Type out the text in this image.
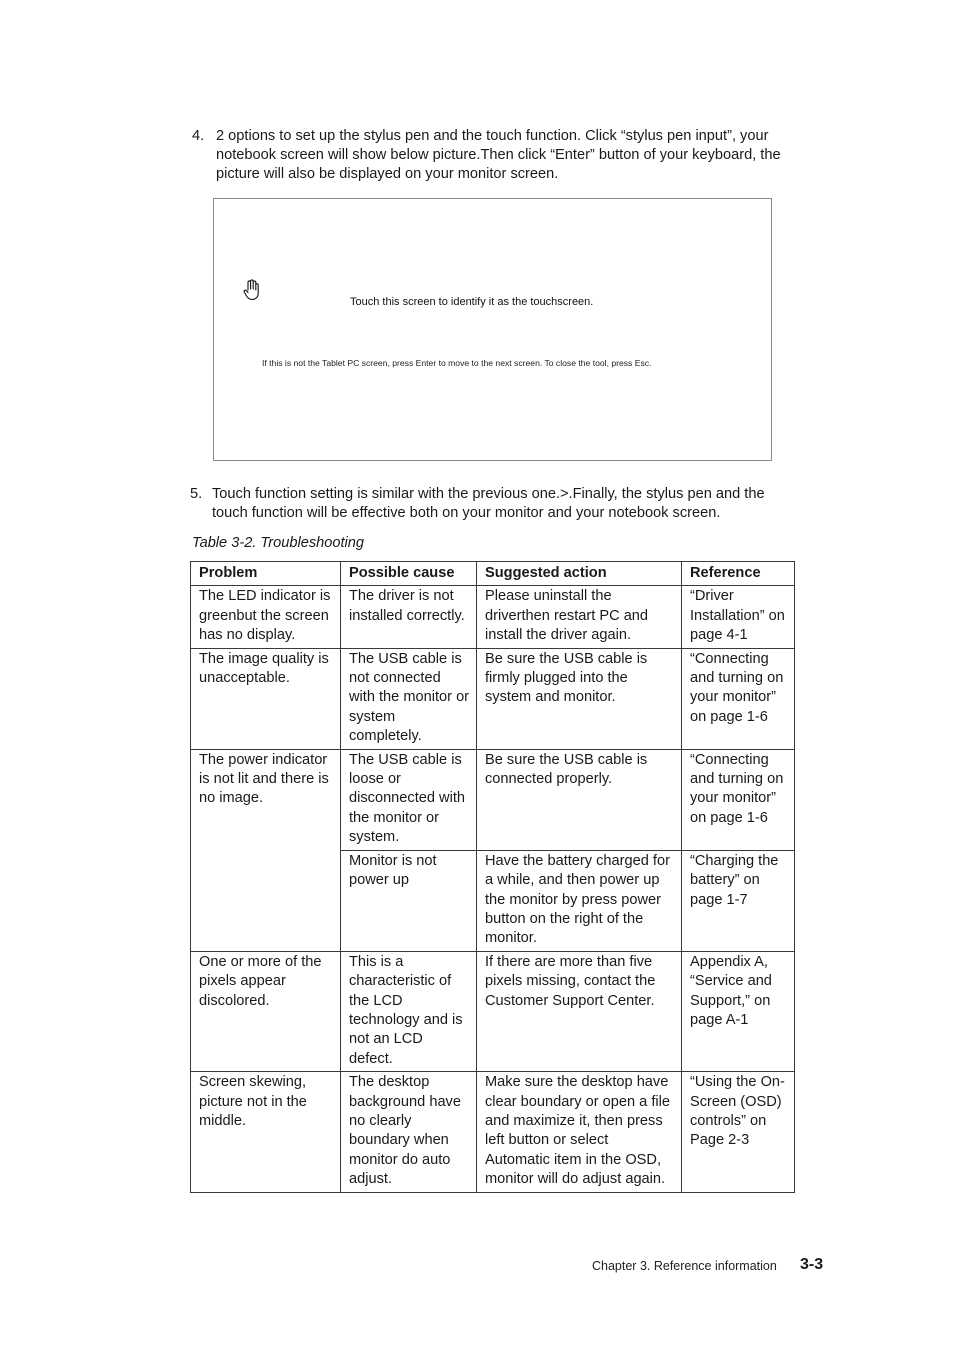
4. 2 options to set up the stylus pen and the touch function. Click “stylus pen input”, your notebook screen will show below picture.Then click “Enter” button of your keyboard, the picture will also be displayed on your monitor screen.
Touch this screen to identify it as the touchscreen.
If this is not the Tablet PC screen, press Enter to move to the next screen. To close the tool, press Esc.
5. Touch function setting is similar with the previous one.>.Finally, the stylus pen and the touch function will be effective both on your monitor and your notebook screen.
Table 3-2. Troubleshooting
Problem	Possible cause	Suggested action	Reference
The LED indicator is greenbut the screen has no display.	The driver is not installed correctly.	Please uninstall the driverthen restart PC and install the driver again.	“Driver Installation” on page 4-1
The image quality is unacceptable.	The USB cable is not connected with the monitor or system completely.	Be sure the USB cable is firmly plugged into the system and monitor.	“Connecting and turning on your monitor” on page 1-6
The power indicator is not lit and there is no image.	The USB cable is loose or disconnected with the monitor or system.	Be sure the USB cable is connected properly.	“Connecting and turning on your monitor” on page 1-6
	Monitor is not power up	Have the battery charged for a while, and then power up the monitor by press power button on the right of the monitor.	“Charging the battery” on page 1-7
One or more of the pixels appear discolored.	This is a characteristic of the LCD technology and is not an LCD defect.	If there are more than five pixels missing, contact the Customer Support Center.	Appendix A, “Service and Support,” on page A-1
Screen skewing, picture not in the middle.	The desktop background have no clearly boundary when monitor do auto adjust.	Make sure the desktop have clear boundary or open a file and maximize it, then press left button or select Automatic item in the OSD, monitor will do adjust again.	“Using the On-Screen (OSD) controls” on Page 2-3
Chapter 3. Reference information 3-3
